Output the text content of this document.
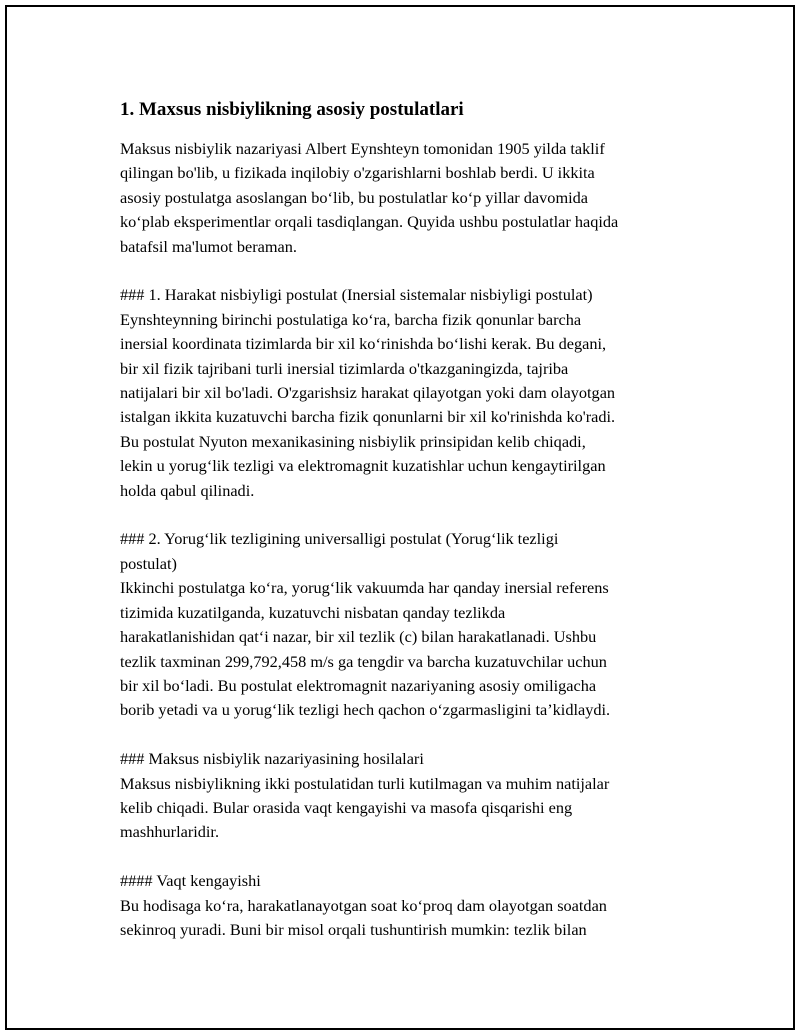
1. Maxsus nisbiylikning asosiy postulatlari

Maksus nisbiylik nazariyasi Albert Eynshteyn tomonidan 1905 yilda taklif
qilingan bo'lib, u fizikada inqilobiy o'zgarishlarni boshlab berdi. U ikkita
asosiy postulatga asoslangan bo‘lib, bu postulatlar ko‘p yillar davomida
ko‘plab eksperimentlar orqali tasdiqlangan. Quyida ushbu postulatlar haqida
batafsil ma'lumot beraman.

### 1. Harakat nisbiyligi postulat (Inersial sistemalar nisbiyligi postulat)
Eynshteynning birinchi postulatiga ko‘ra, barcha fizik qonunlar barcha
inersial koordinata tizimlarda bir xil ko‘rinishda bo‘lishi kerak. Bu degani,
bir xil fizik tajribani turli inersial tizimlarda o'tkazganingizda, tajriba
natijalari bir xil bo'ladi. O'zgarishsiz harakat qilayotgan yoki dam olayotgan
istalgan ikkita kuzatuvchi barcha fizik qonunlarni bir xil ko'rinishda ko'radi.
Bu postulat Nyuton mexanikasining nisbiylik prinsipidan kelib chiqadi,
lekin u yorug‘lik tezligi va elektromagnit kuzatishlar uchun kengaytirilgan
holda qabul qilinadi.

### 2. Yorug‘lik tezligining universalligi postulat (Yorug‘lik tezligi
postulat)
Ikkinchi postulatga ko‘ra, yorug‘lik vakuumda har qanday inersial referens
tizimida kuzatilganda, kuzatuvchi nisbatan qanday tezlikda
harakatlanishidan qat‘i nazar, bir xil tezlik (c) bilan harakatlanadi. Ushbu
tezlik taxminan 299,792,458 m/s ga tengdir va barcha kuzatuvchilar uchun
bir xil bo‘ladi. Bu postulat elektromagnit nazariyaning asosiy omiligacha
borib yetadi va u yorug‘lik tezligi hech qachon o‘zgarmasligini ta’kidlaydi.

### Maksus nisbiylik nazariyasining hosilalari
Maksus nisbiylikning ikki postulatidan turli kutilmagan va muhim natijalar
kelib chiqadi. Bular orasida vaqt kengayishi va masofa qisqarishi eng
mashhurlaridir.

#### Vaqt kengayishi
Bu hodisaga ko‘ra, harakatlanayotgan soat ko‘proq dam olayotgan soatdan
sekinroq yuradi. Buni bir misol orqali tushuntirish mumkin: tezlik bilan
